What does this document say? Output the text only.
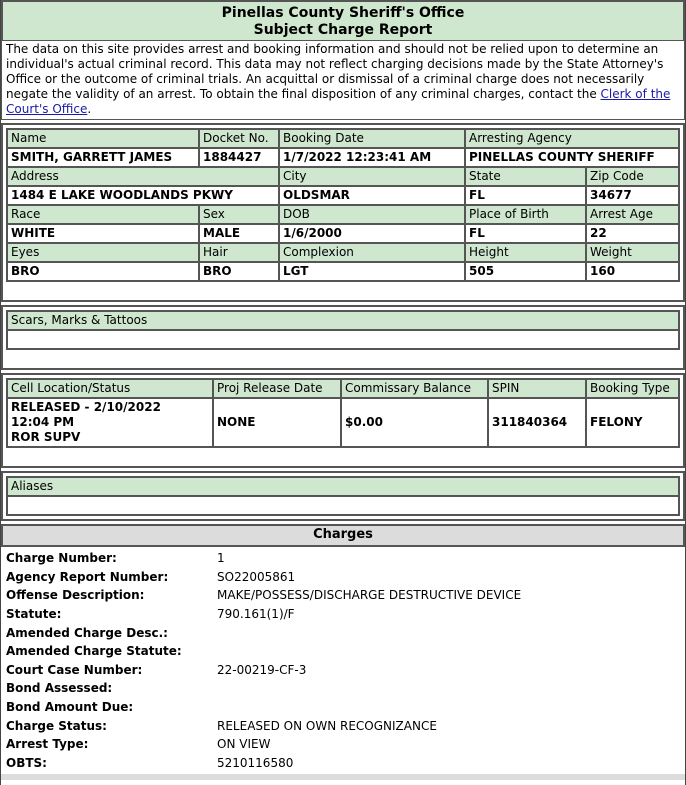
Pinellas County Sheriff's Office
Subject Charge Report
The data on this site provides arrest and booking information and should not be relied upon to determine an individual's actual criminal record. This data may not reflect charging decisions made by the State Attorney's Office or the outcome of criminal trials. An acquittal or dismissal of a criminal charge does not necessarily negate the validity of an arrest. To obtain the final disposition of any criminal charges, contact the Clerk of the Court's Office.
Name	Docket No.	Booking Date	Arresting Agency	
SMITH, GARRETT JAMES	1884427	1/7/2022 12:23:41 AM	PINELLAS COUNTY SHERIFF	
Address		City	State	Zip Code
1484 E LAKE WOODLANDS PKWY		OLDSMAR	FL	34677
Race	Sex	DOB	Place of Birth	Arrest Age
WHITE	MALE	1/6/2000	FL	22
Eyes	Hair	Complexion	Height	Weight
BRO	BRO	LGT	505	160
Scars, Marks & Tattoos

Cell Location/Status	Proj Release Date	Commissary Balance	SPIN	Booking Type

RELEASED - 2/10/2022
12:04 PM
ROR SUPV	NONE	$0.00	311840364	FELONY
Aliases

Charges
Charge Number:	1
Agency Report Number:	SO22005861
Offense Description:	MAKE/POSSESS/DISCHARGE DESTRUCTIVE DEVICE
Statute:	790.161(1)/F
Amended Charge Desc.:
Amended Charge Statute:
Court Case Number:	22-00219-CF-3
Bond Assessed:
Bond Amount Due:
Charge Status:	RELEASED ON OWN RECOGNIZANCE
Arrest Type:	ON VIEW
OBTS:	5210116580
